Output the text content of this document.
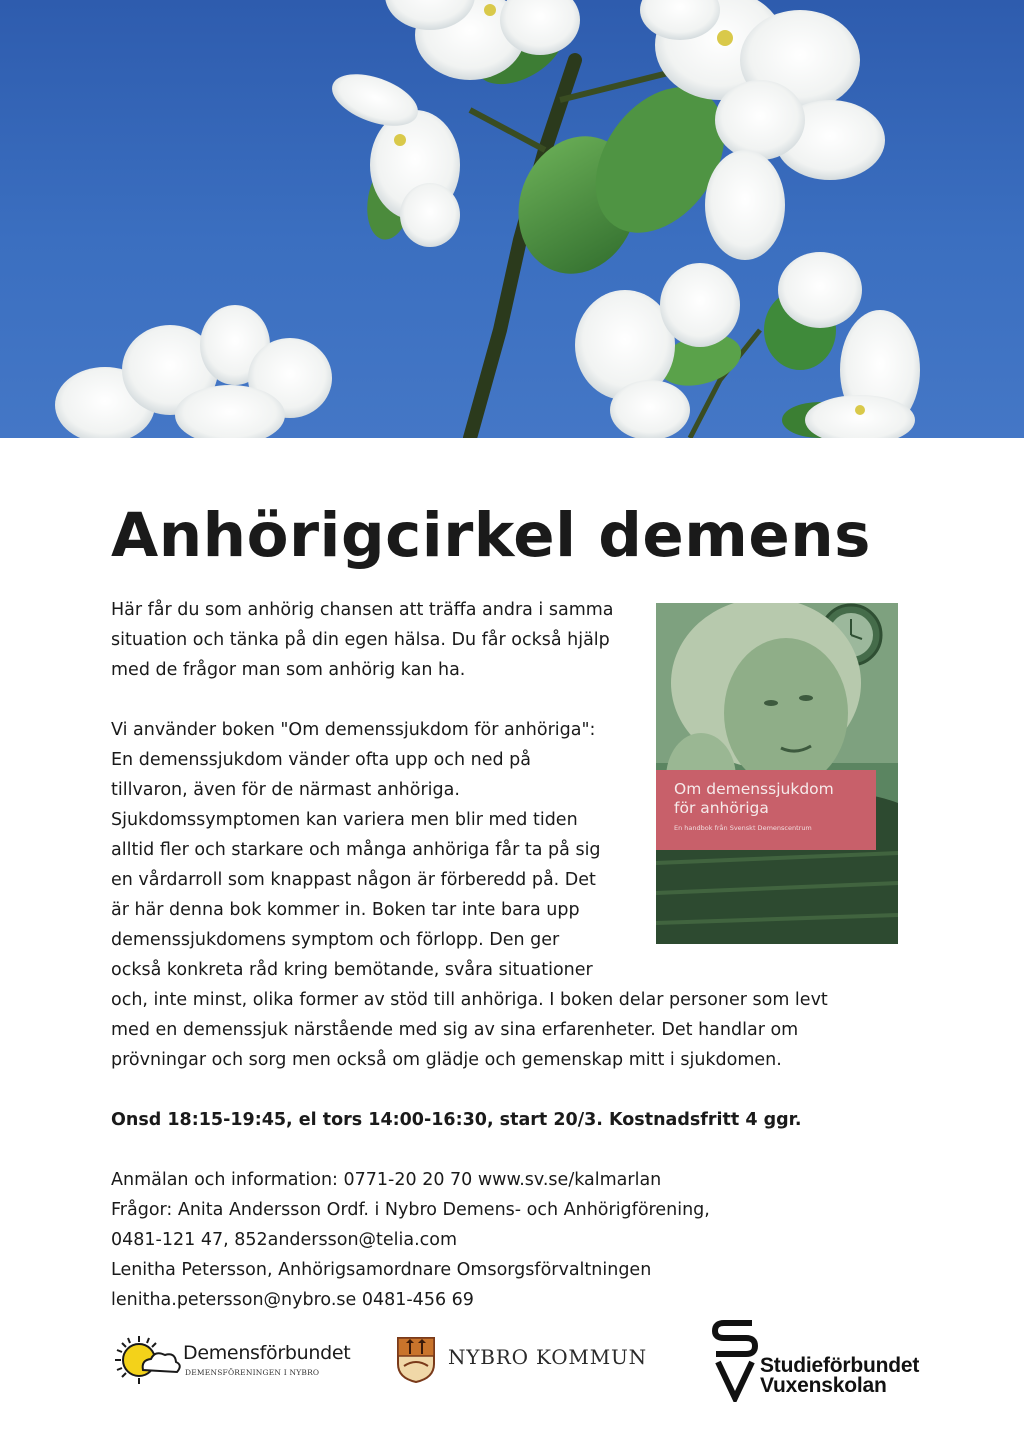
Anhörigcirkel demens

Här får du som anhörig chansen att träffa andra i samma situation och tänka på din egen hälsa. Du får också hjälp med de frågor man som anhörig kan ha.

Om demenssjukdom
för anhöriga
En handbok från Svenskt Demenscentrum
Vi använder boken "Om demenssjukdom för anhöriga":
En demenssjukdom vänder ofta upp och ned på
tillvaron, även för de närmast anhöriga.
Sjukdomssymptomen kan variera men blir med tiden
alltid fler och starkare och många anhöriga får ta på sig
en vårdarroll som knappast någon är förberedd på. Det
är här denna bok kommer in. Boken tar inte bara upp
demenssjukdomens symptom och förlopp. Den ger
också konkreta råd kring bemötande, svåra situationer
och, inte minst, olika former av stöd till anhöriga. I boken delar personer som levt
med en demenssjuk närstående med sig av sina erfarenheter. Det handlar om
prövningar och sorg men också om glädje och gemenskap mitt i sjukdomen.
Onsd 18:15-19:45, el tors 14:00-16:30, start 20/3. Kostnadsfritt 4 ggr.
Anmälan och information: 0771-20 20 70 www.sv.se/kalmarlan
Frågor: Anita Andersson Ordf. i Nybro Demens- och Anhörigförening,
0481-121 47, 852andersson@telia.com
Lenitha Petersson, Anhörigsamordnare Omsorgsförvaltningen
lenitha.petersson@nybro.se 0481-456 69
Demensförbundet
DEMENSFÖRENINGEN I NYBRO
NYBRO KOMMUN	Studieförbundet
Vuxenskolan
